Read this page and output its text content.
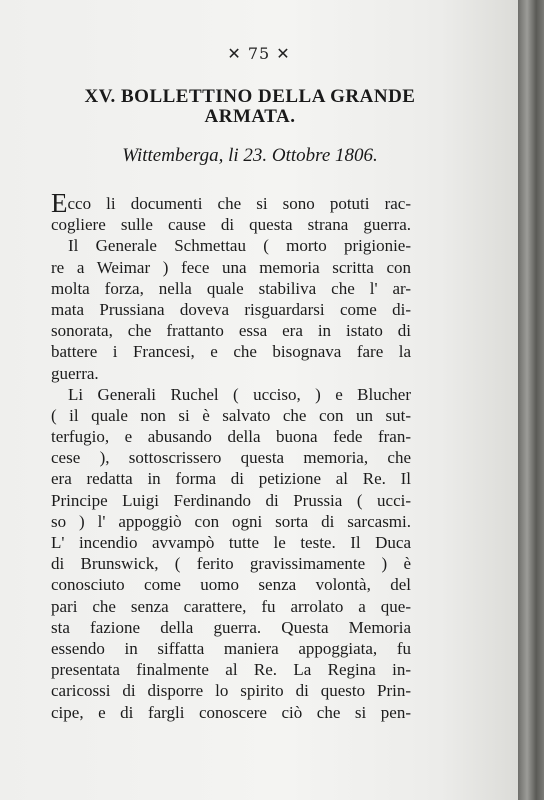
✕ 75 ✕
XV. BOLLETTINO DELLA GRANDE
ARMATA.
Wittemberga, li 23. Ottobre 1806.
Ecco li documenti che si sono potuti rac-
cogliere sulle cause di questa strana guerra.
Il Generale Schmettau ( morto prigionie-
re a Weimar ) fece una memoria scritta con
molta forza, nella quale stabiliva che l' ar-
mata Prussiana doveva risguardarsi come di-
sonorata, che frattanto essa era in istato di
battere i Francesi, e che bisognava fare la
guerra.
Li Generali Ruchel ( ucciso, ) e Blucher
( il quale non si è salvato che con un sut-
terfugio, e abusando della buona fede fran-
cese ), sottoscrissero questa memoria, che
era redatta in forma di petizione al Re. Il
Principe Luigi Ferdinando di Prussia ( ucci-
so ) l' appoggiò con ogni sorta di sarcasmi.
L' incendio avvampò tutte le teste. Il Duca
di Brunswick, ( ferito gravissimamente ) è
conosciuto come uomo senza volontà, del
pari che senza carattere, fu arrolato a que-
sta fazione della guerra. Questa Memoria
essendo in siffatta maniera appoggiata, fu
presentata finalmente al Re. La Regina in-
caricossi di disporre lo spirito di questo Prin-
cipe, e di fargli conoscere ciò che si pen-
